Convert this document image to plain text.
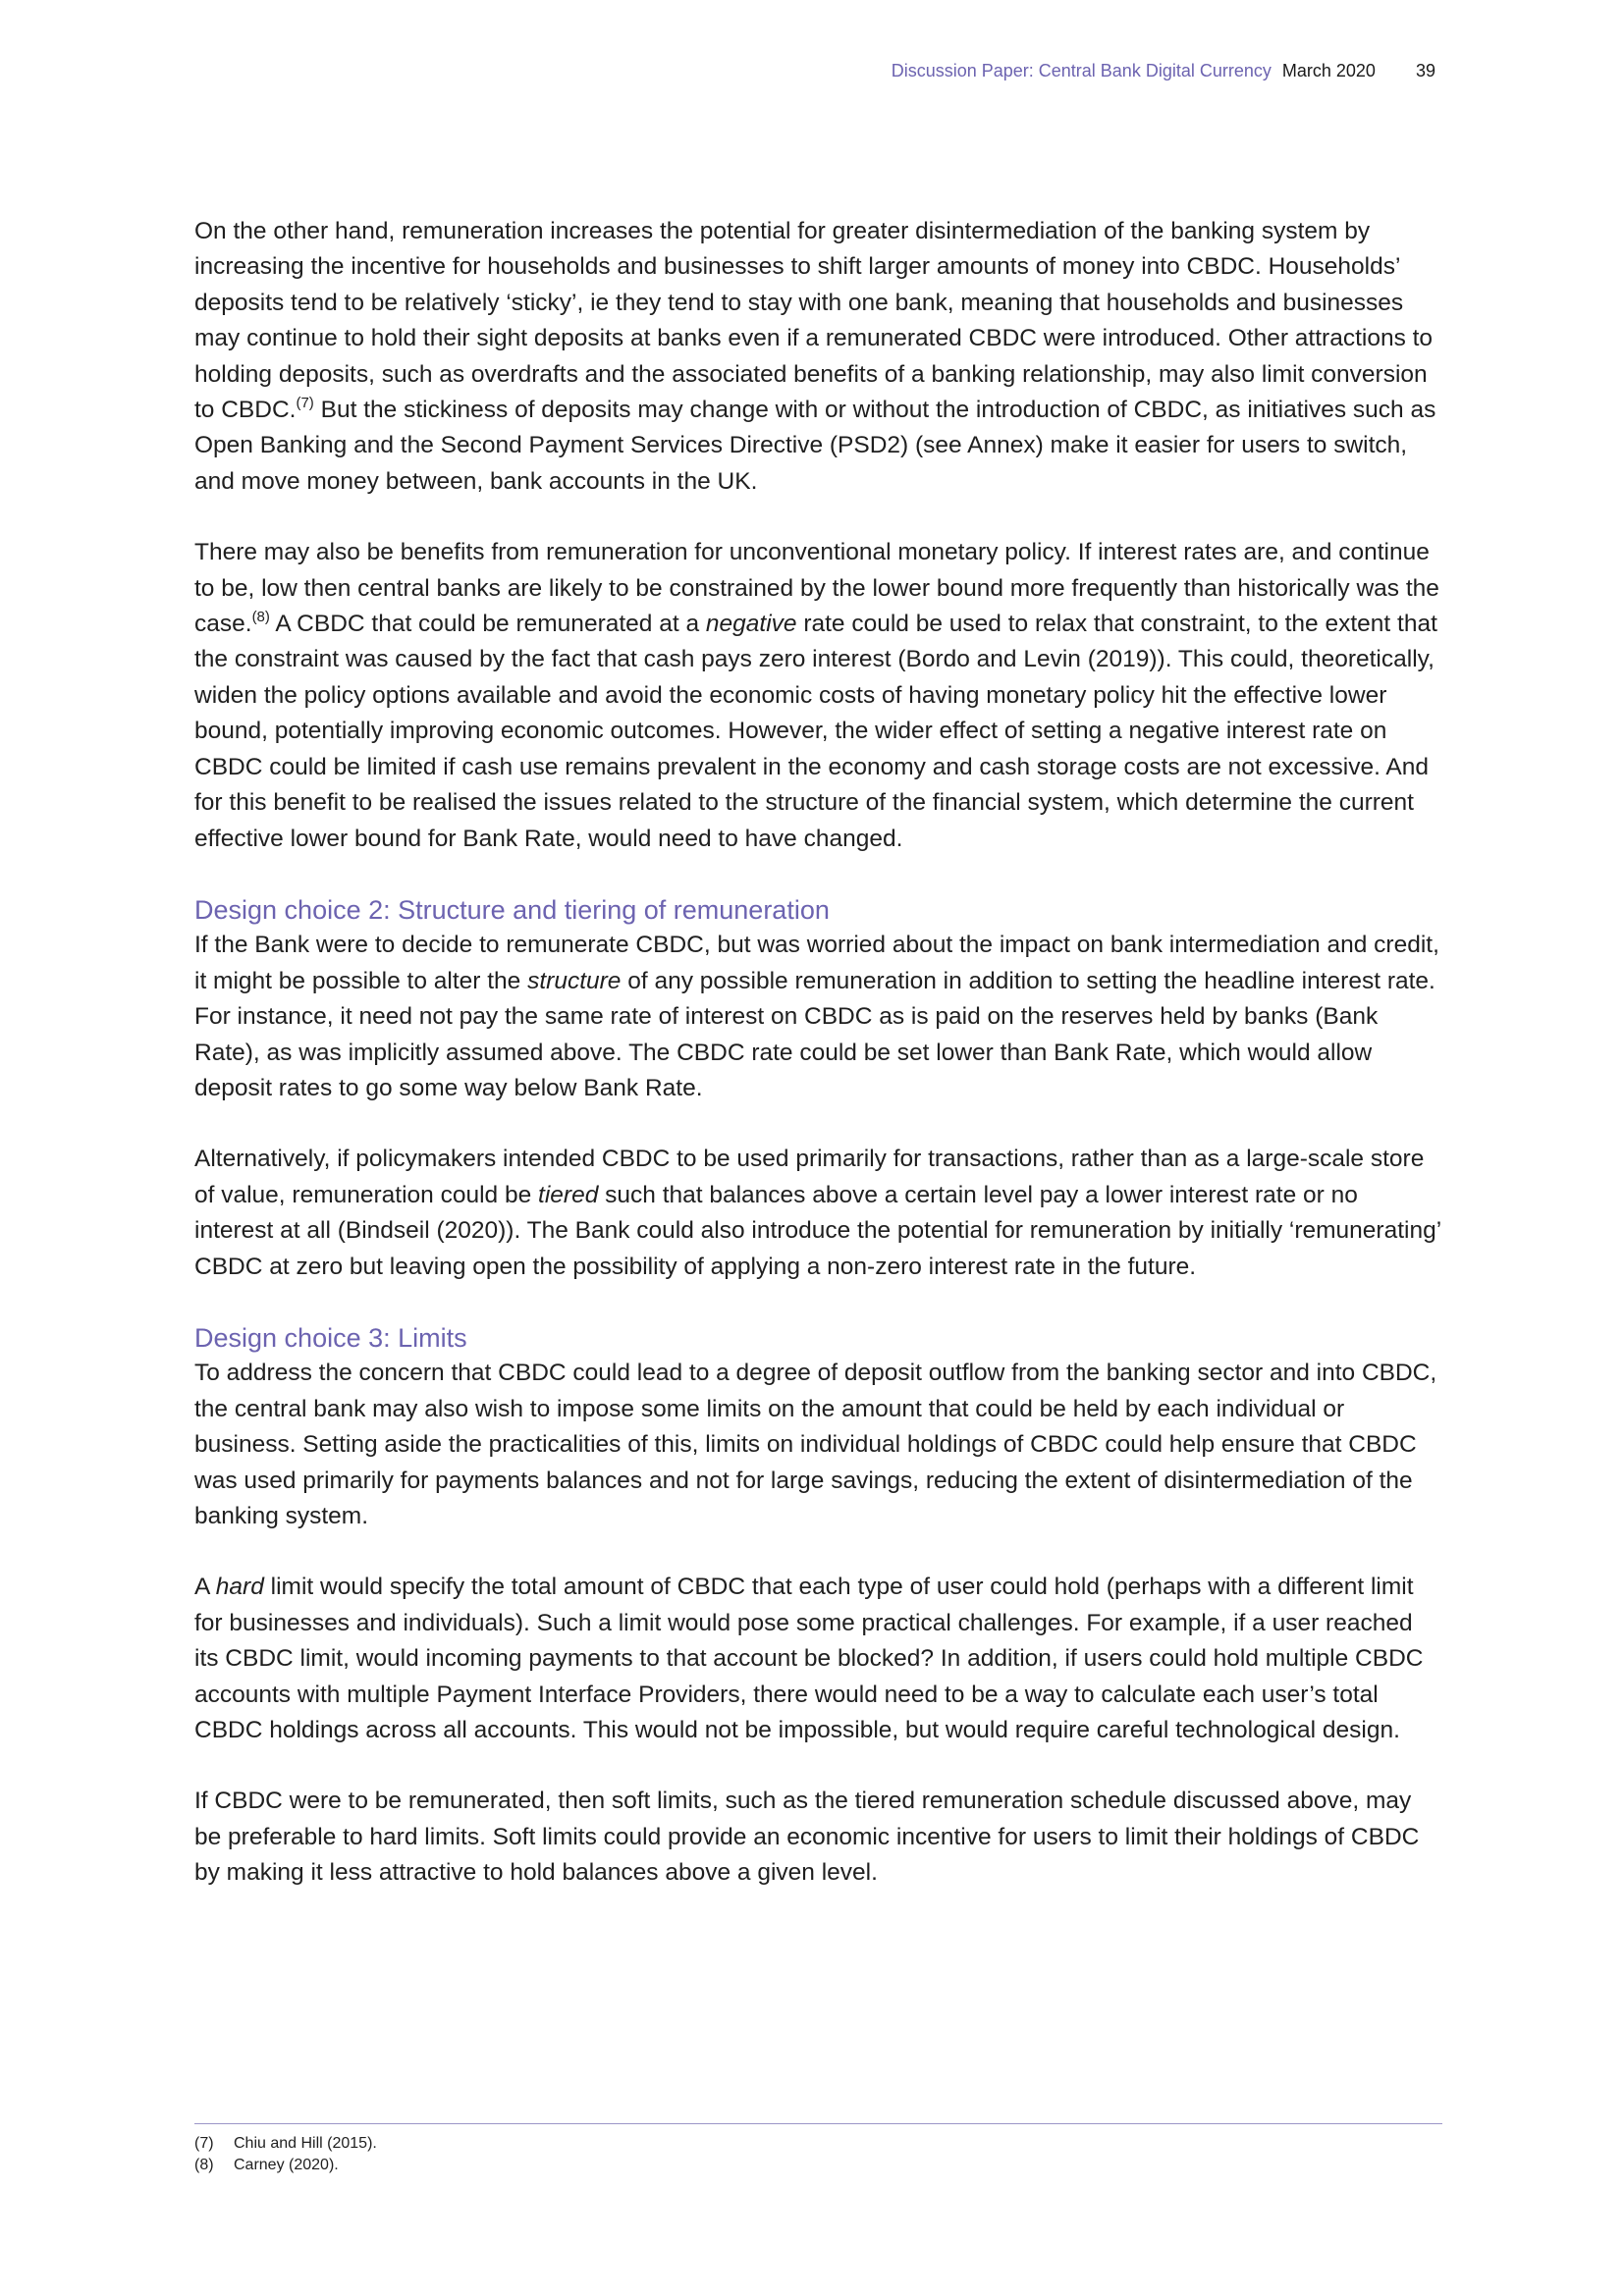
Discussion Paper: Central Bank Digital Currency March 2020 39

On the other hand, remuneration increases the potential for greater disintermediation of the banking system by increasing the incentive for households and businesses to shift larger amounts of money into CBDC. Households’ deposits tend to be relatively ‘sticky’, ie they tend to stay with one bank, meaning that households and businesses may continue to hold their sight deposits at banks even if a remunerated CBDC were introduced. Other attractions to holding deposits, such as overdrafts and the associated benefits of a banking relationship, may also limit conversion to CBDC.$^{(7)}$ But the stickiness of deposits may change with or without the introduction of CBDC, as initiatives such as Open Banking and the Second Payment Services Directive (PSD2) (see Annex) make it easier for users to switch, and move money between, bank accounts in the UK.

There may also be benefits from remuneration for unconventional monetary policy. If interest rates are, and continue to be, low then central banks are likely to be constrained by the lower bound more frequently than historically was the case.$^{(8)}$ A CBDC that could be remunerated at a negative rate could be used to relax that constraint, to the extent that the constraint was caused by the fact that cash pays zero interest (Bordo and Levin (2019)). This could, theoretically, widen the policy options available and avoid the economic costs of having monetary policy hit the effective lower bound, potentially improving economic outcomes. However, the wider effect of setting a negative interest rate on CBDC could be limited if cash use remains prevalent in the economy and cash storage costs are not excessive. And for this benefit to be realised the issues related to the structure of the financial system, which determine the current effective lower bound for Bank Rate, would need to have changed.

Design choice 2: Structure and tiering of remuneration

If the Bank were to decide to remunerate CBDC, but was worried about the impact on bank intermediation and credit, it might be possible to alter the structure of any possible remuneration in addition to setting the headline interest rate. For instance, it need not pay the same rate of interest on CBDC as is paid on the reserves held by banks (Bank Rate), as was implicitly assumed above. The CBDC rate could be set lower than Bank Rate, which would allow deposit rates to go some way below Bank Rate.

Alternatively, if policymakers intended CBDC to be used primarily for transactions, rather than as a large-scale store of value, remuneration could be tiered such that balances above a certain level pay a lower interest rate or no interest at all (Bindseil (2020)). The Bank could also introduce the potential for remuneration by initially ‘remunerating’ CBDC at zero but leaving open the possibility of applying a non-zero interest rate in the future.

Design choice 3: Limits

To address the concern that CBDC could lead to a degree of deposit outflow from the banking sector and into CBDC, the central bank may also wish to impose some limits on the amount that could be held by each individual or business. Setting aside the practicalities of this, limits on individual holdings of CBDC could help ensure that CBDC was used primarily for payments balances and not for large savings, reducing the extent of disintermediation of the banking system.

A hard limit would specify the total amount of CBDC that each type of user could hold (perhaps with a different limit for businesses and individuals). Such a limit would pose some practical challenges. For example, if a user reached its CBDC limit, would incoming payments to that account be blocked? In addition, if users could hold multiple CBDC accounts with multiple Payment Interface Providers, there would need to be a way to calculate each user’s total CBDC holdings across all accounts. This would not be impossible, but would require careful technological design.

If CBDC were to be remunerated, then soft limits, such as the tiered remuneration schedule discussed above, may be preferable to hard limits. Soft limits could provide an economic incentive for users to limit their holdings of CBDC by making it less attractive to hold balances above a given level.

(7)	Chiu and Hill (2015).
(8)	Carney (2020).
